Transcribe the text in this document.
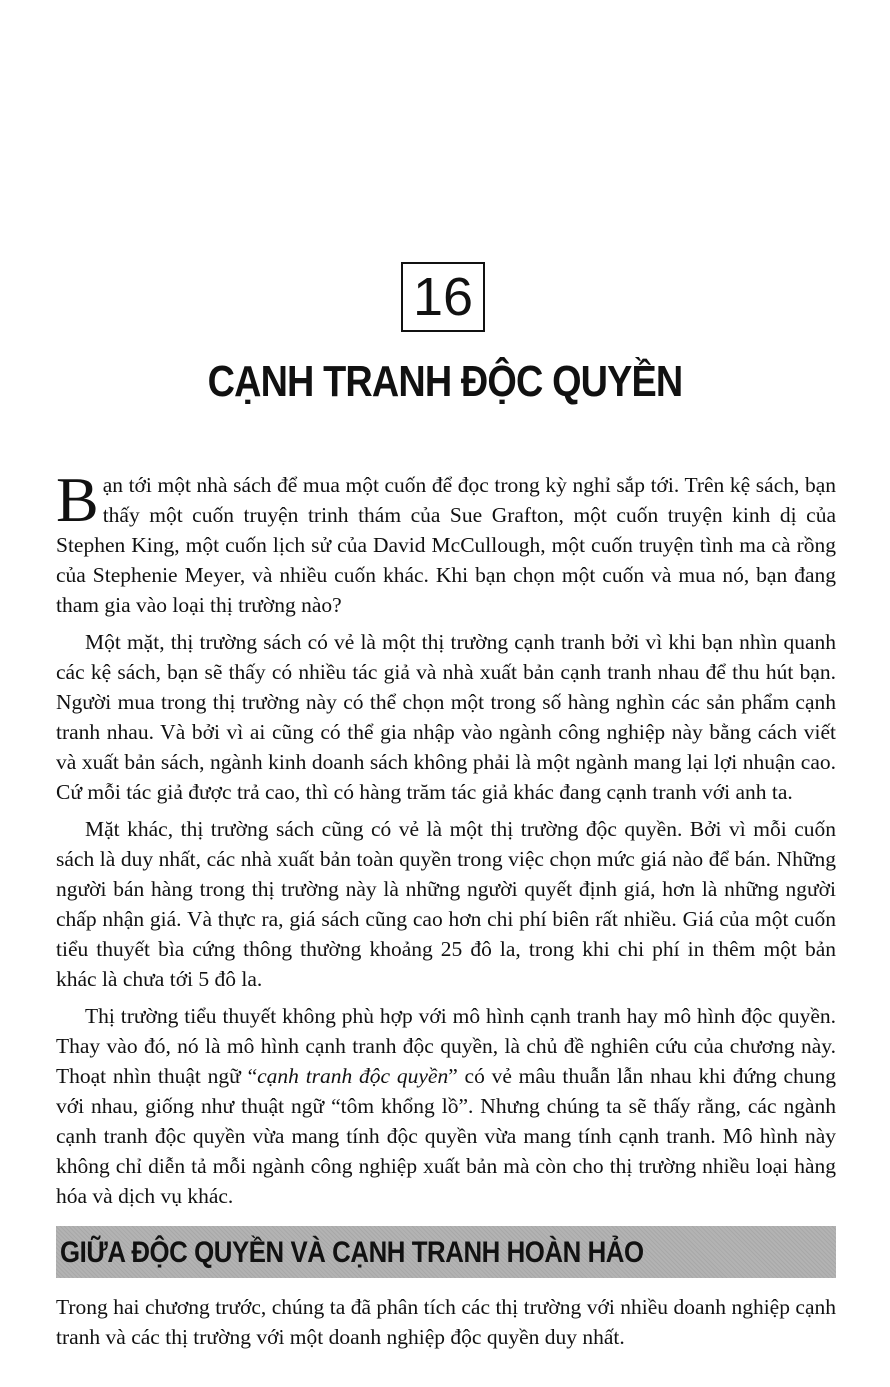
16
CẠNH TRANH ĐỘC QUYỀN

Bạn tới một nhà sách để mua một cuốn để đọc trong kỳ nghỉ sắp tới. Trên kệ sách, bạn thấy một cuốn truyện trinh thám của Sue Grafton, một cuốn truyện kinh dị của Stephen King, một cuốn lịch sử của David McCullough, một cuốn truyện tình ma cà rồng của Stephenie Meyer, và nhiều cuốn khác. Khi bạn chọn một cuốn và mua nó, bạn đang tham gia vào loại thị trường nào?

Một mặt, thị trường sách có vẻ là một thị trường cạnh tranh bởi vì khi bạn nhìn quanh các kệ sách, bạn sẽ thấy có nhiều tác giả và nhà xuất bản cạnh tranh nhau để thu hút bạn. Người mua trong thị trường này có thể chọn một trong số hàng nghìn các sản phẩm cạnh tranh nhau. Và bởi vì ai cũng có thể gia nhập vào ngành công nghiệp này bằng cách viết và xuất bản sách, ngành kinh doanh sách không phải là một ngành mang lại lợi nhuận cao. Cứ mỗi tác giả được trả cao, thì có hàng trăm tác giả khác đang cạnh tranh với anh ta.

Mặt khác, thị trường sách cũng có vẻ là một thị trường độc quyền. Bởi vì mỗi cuốn sách là duy nhất, các nhà xuất bản toàn quyền trong việc chọn mức giá nào để bán. Những người bán hàng trong thị trường này là những người quyết định giá, hơn là những người chấp nhận giá. Và thực ra, giá sách cũng cao hơn chi phí biên rất nhiều. Giá của một cuốn tiểu thuyết bìa cứng thông thường khoảng 25 đô la, trong khi chi phí in thêm một bản khác là chưa tới 5 đô la.

Thị trường tiểu thuyết không phù hợp với mô hình cạnh tranh hay mô hình độc quyền. Thay vào đó, nó là mô hình cạnh tranh độc quyền, là chủ đề nghiên cứu của chương này. Thoạt nhìn thuật ngữ “cạnh tranh độc quyền” có vẻ mâu thuẫn lẫn nhau khi đứng chung với nhau, giống như thuật ngữ “tôm khổng lồ”. Nhưng chúng ta sẽ thấy rằng, các ngành cạnh tranh độc quyền vừa mang tính độc quyền vừa mang tính cạnh tranh. Mô hình này không chỉ diễn tả mỗi ngành công nghiệp xuất bản mà còn cho thị trường nhiều loại hàng hóa và dịch vụ khác.

GIỮA ĐỘC QUYỀN VÀ CẠNH TRANH HOÀN HẢO

Trong hai chương trước, chúng ta đã phân tích các thị trường với nhiều doanh nghiệp cạnh tranh và các thị trường với một doanh nghiệp độc quyền duy nhất.
